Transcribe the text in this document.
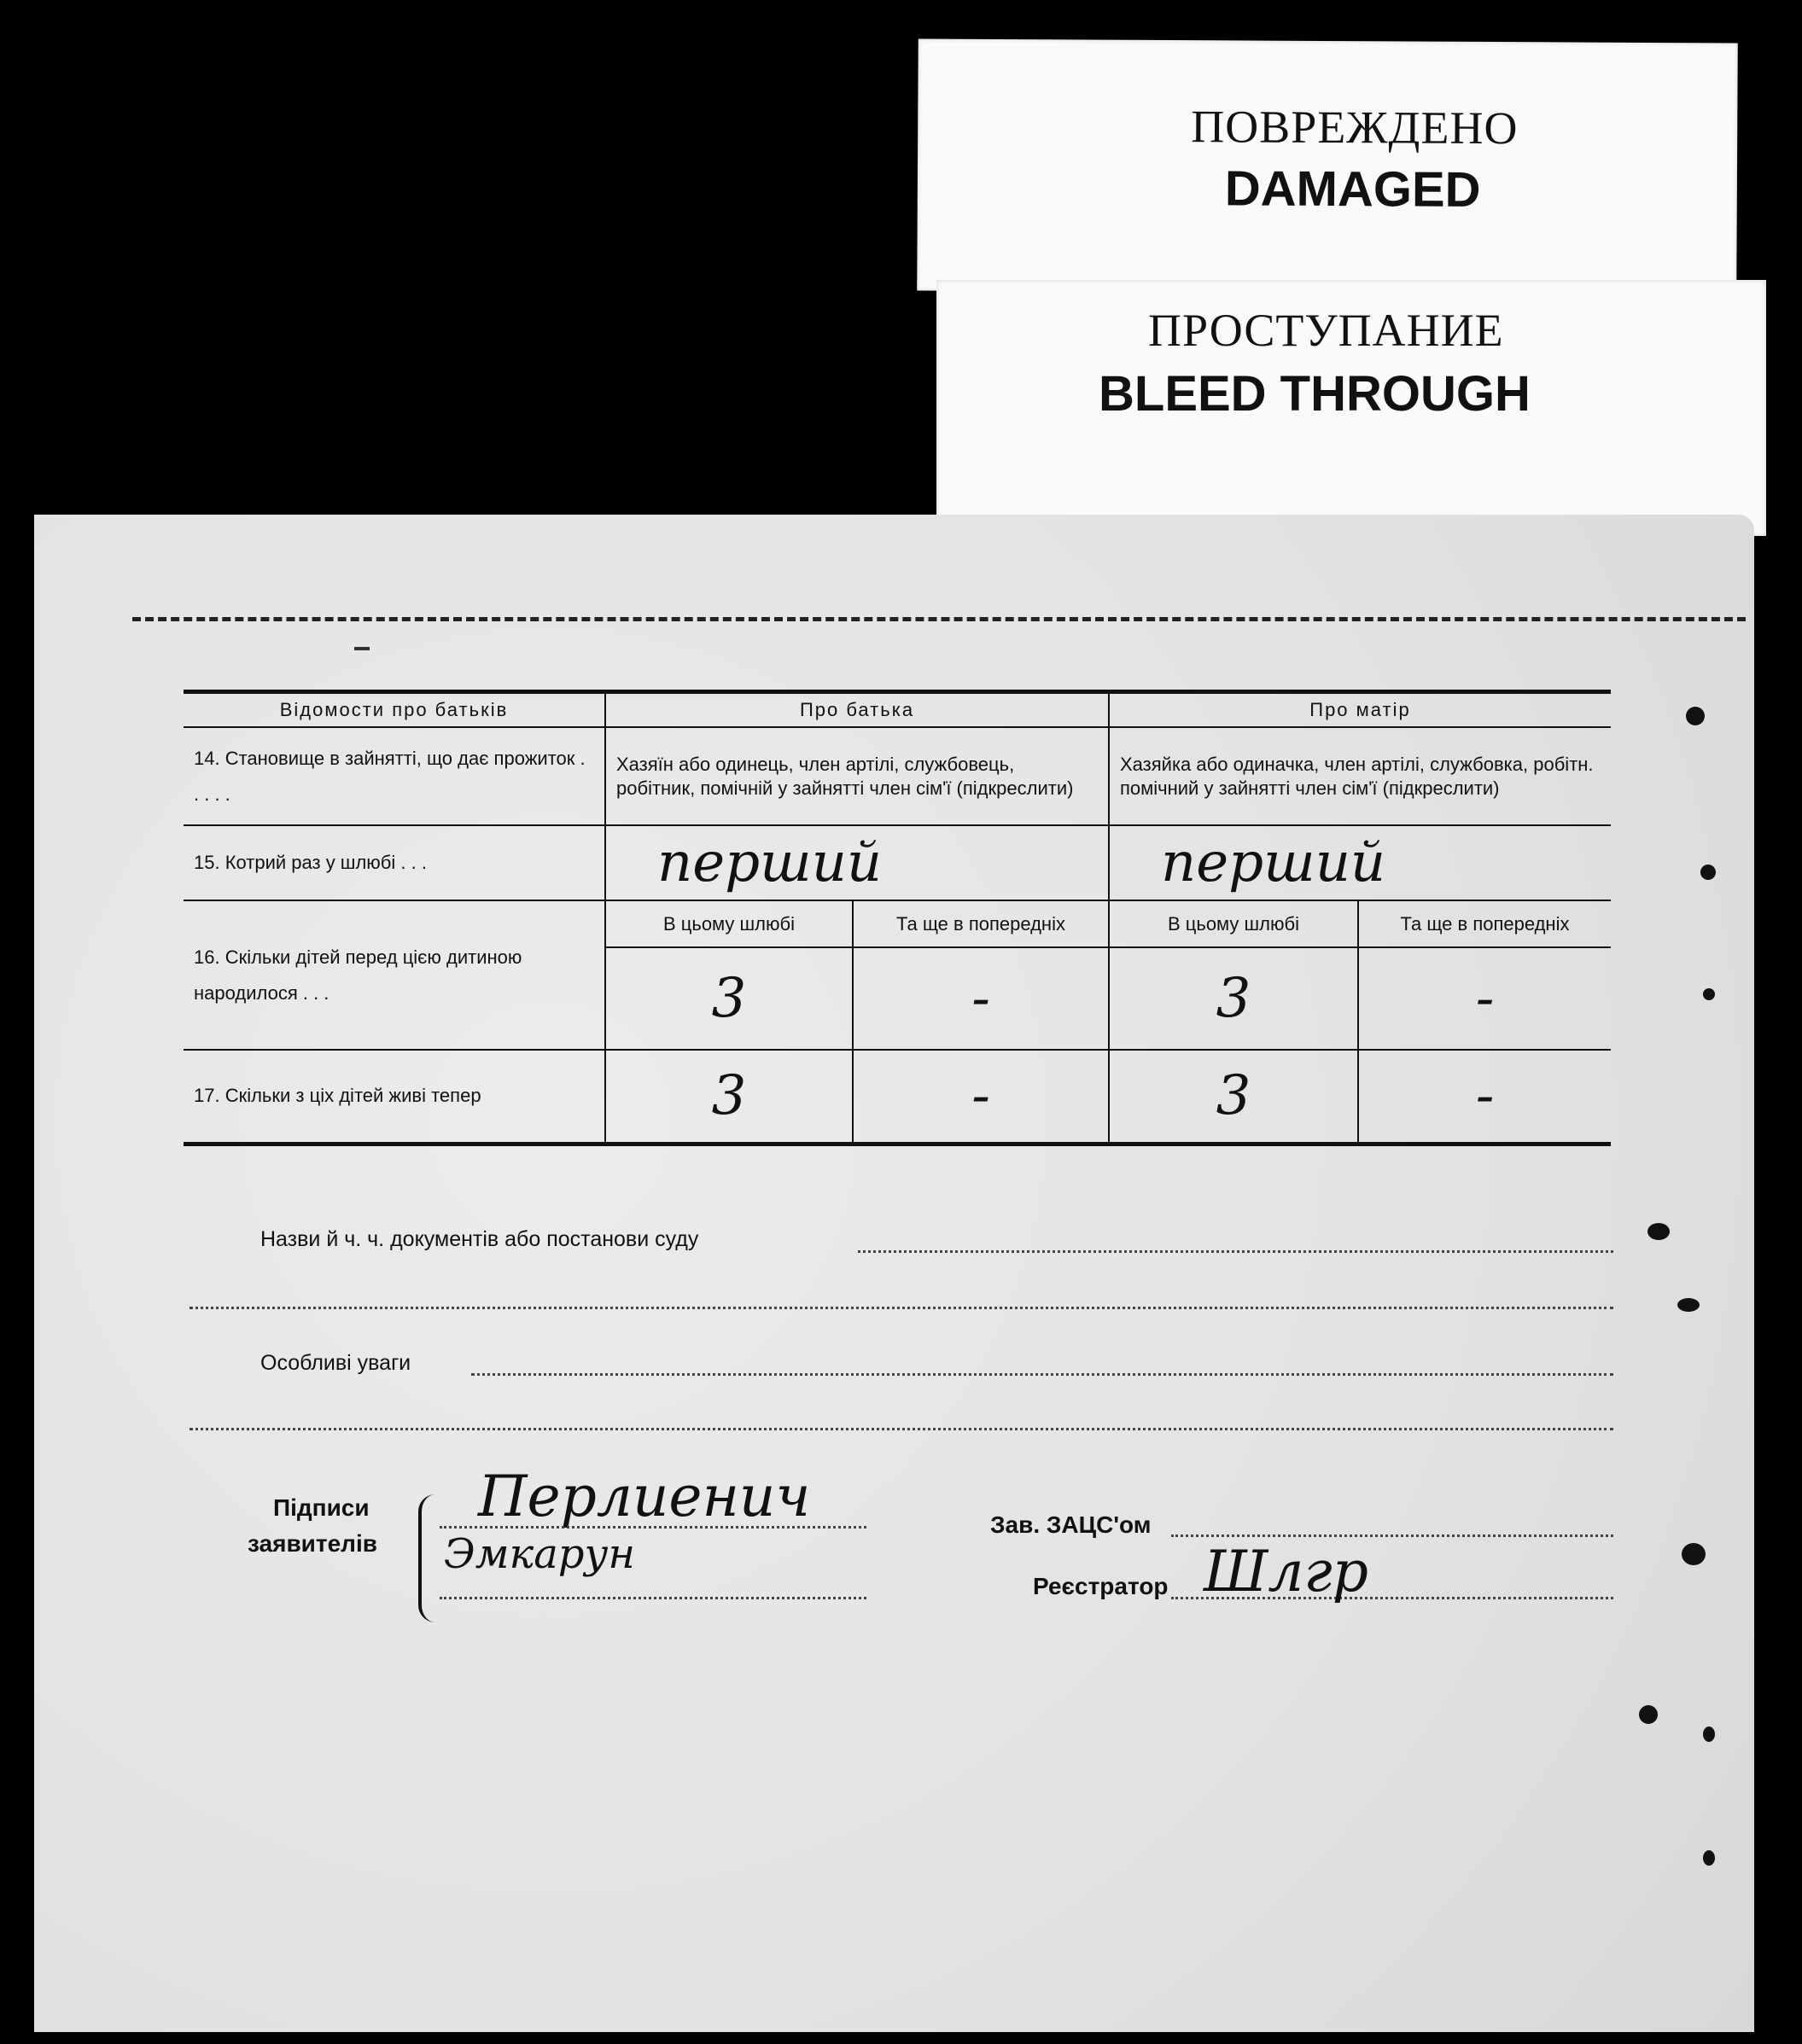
ПОВРЕЖДЕНО
DAMAGED
ПРОСТУПАНИЕ
BLEED THROUGH
Відомости про батьків	Про батька		Про матір	
14. Становище в зайнятті, що дає прожиток . . . . .	Хазяїн або одинець, член артілі, службовець, робітник, помічній у зайнятті член сім'ї (підкреслити)		Хазяйка або одиначка, член артілі, службовка, робітн. помічний у зайнятті член сім'ї (підкреслити)	
15. Котрий раз у шлюбі . . .	перший		перший	
16. Скільки дітей перед цією дитиною народилося . . .	В цьому шлюбі	Та ще в попередніх	В цьому шлюбі	Та ще в попередніх
	3	-	3	-
17. Скільки з ціх дітей живі тепер	3	-	3	-
Назви й ч. ч. документів або постанови суду
Особливі уваги
Підписи
заявителів
Перлиенич
Эмкарун
Зав. ЗАЦС'ом
Реєстратор Шлгр
